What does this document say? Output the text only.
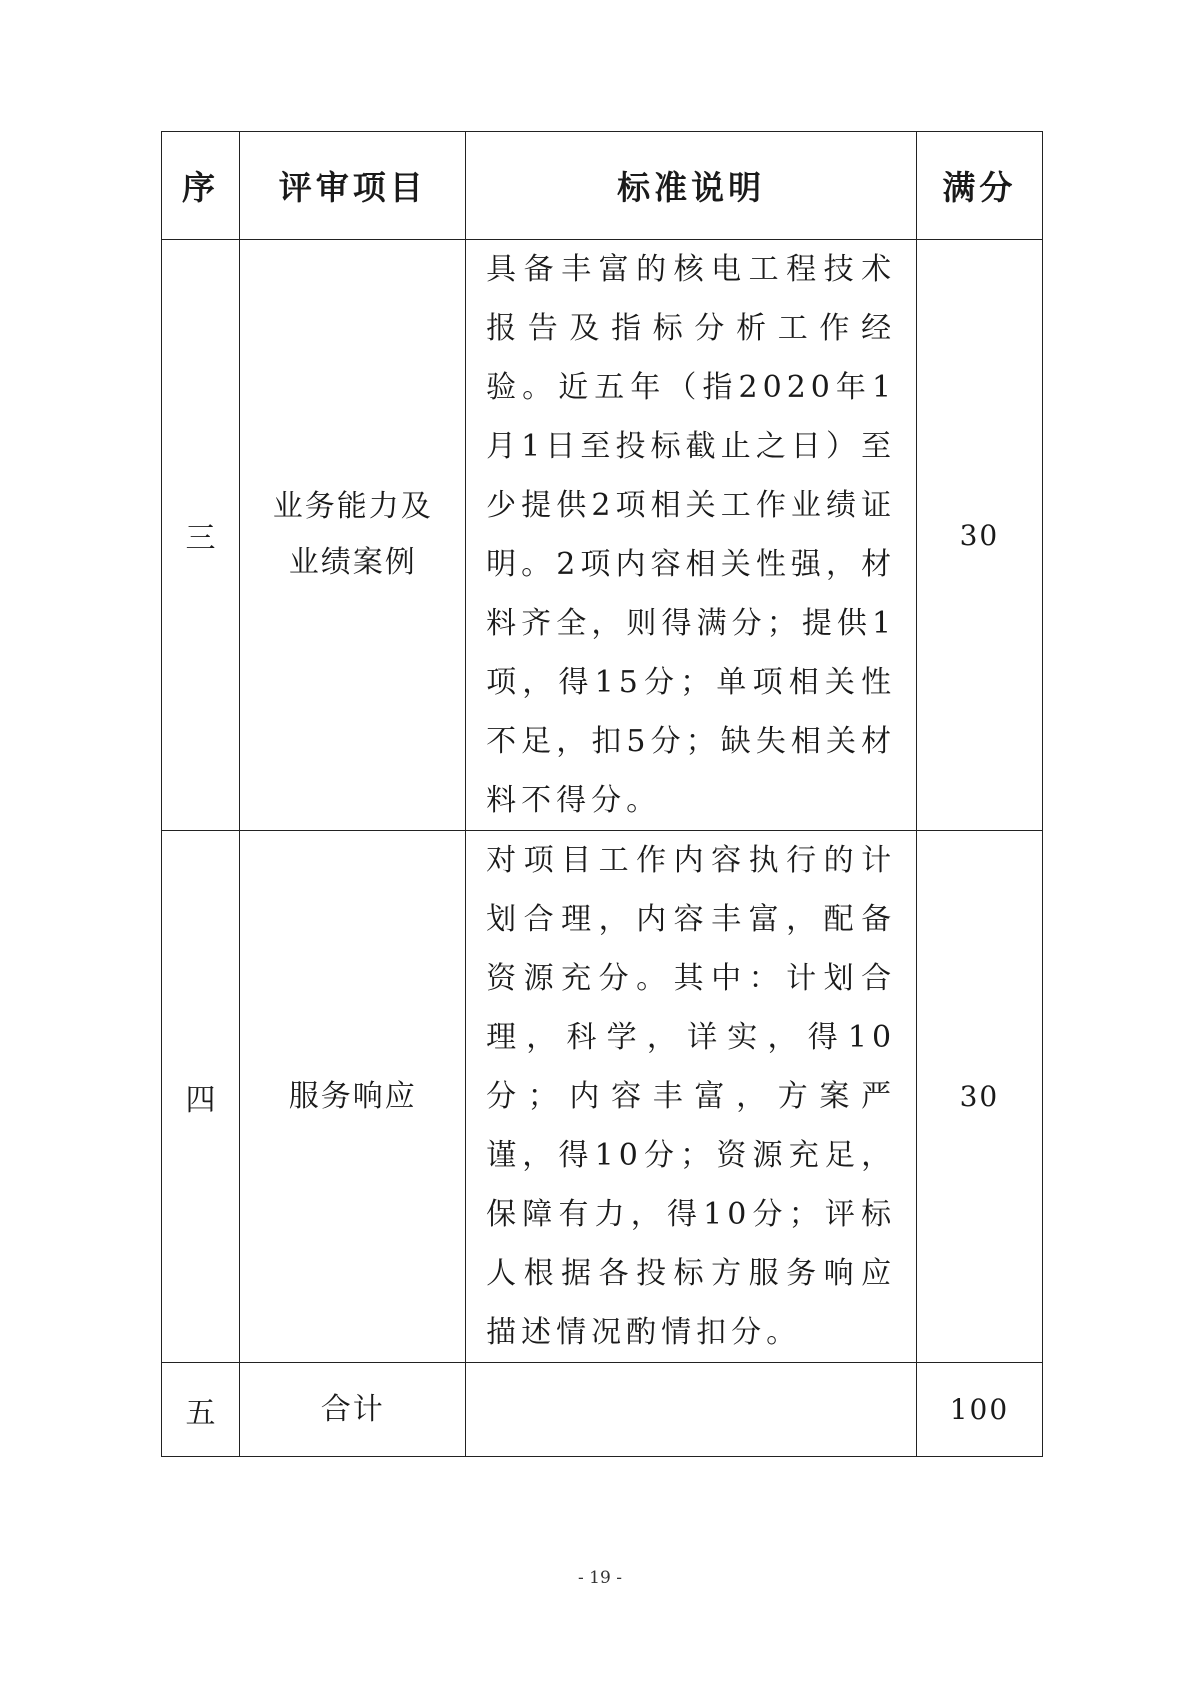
序	评审项目	标准说明	满分
三	业务能力及业绩案例	具备丰富的核电工程技术报告及指标分析工作经验。近五年（指2020年1月1日至投标截止之日）至少提供2项相关工作业绩证明。2项内容相关性强，材料齐全，则得满分；提供1项，得15分；单项相关性不足，扣5分；缺失相关材料不得分。	30
四	服务响应	对项目工作内容执行的计划合理，内容丰富，配备资源充分。其中：计划合理，科学，详实，得10分；内容丰富，方案严谨，得10分；资源充足，保障有力，得10分；评标人根据各投标方服务响应描述情况酌情扣分。	30
五	合计		100
- 19 -
